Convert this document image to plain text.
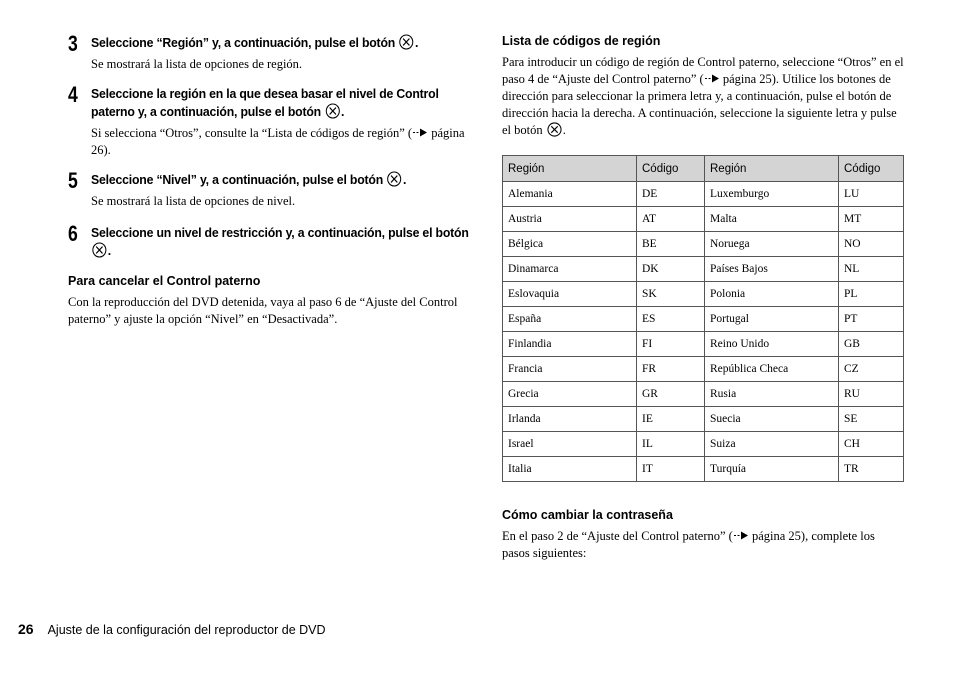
3 Seleccione “Región” y, a continuación, pulse el botón .
Se mostrará la lista de opciones de región.
4 Seleccione la región en la que desea basar el nivel de Control paterno y, a continuación, pulse el botón .
Si selecciona “Otros”, consulte la “Lista de códigos de región” ( página 26).
5 Seleccione “Nivel” y, a continuación, pulse el botón .
Se mostrará la lista de opciones de nivel.
6 Seleccione un nivel de restricción y, a continuación, pulse el botón .
Para cancelar el Control paterno
Con la reproducción del DVD detenida, vaya al paso 6 de “Ajuste del Control paterno” y ajuste la opción “Nivel” en “Desactivada”.
Lista de códigos de región
Para introducir un código de región de Control paterno, seleccione “Otros” en el paso 4 de “Ajuste del Control paterno” ( página 25). Utilice los botones de dirección para seleccionar la primera letra y, a continuación, pulse el botón de dirección hacia la derecha. A continuación, seleccione la siguiente letra y pulse el botón .
Región	Código	Región	Código
Alemania	DE	Luxemburgo	LU
Austria	AT	Malta	MT
Bélgica	BE	Noruega	NO
Dinamarca	DK	Países Bajos	NL
Eslovaquia	SK	Polonia	PL
España	ES	Portugal	PT
Finlandia	FI	Reino Unido	GB
Francia	FR	República Checa	CZ
Grecia	GR	Rusia	RU
Irlanda	IE	Suecia	SE
Israel	IL	Suiza	CH
Italia	IT	Turquía	TR
Cómo cambiar la contraseña
En el paso 2 de “Ajuste del Control paterno” ( página 25), complete los pasos siguientes:
26 Ajuste de la configuración del reproductor de DVD
